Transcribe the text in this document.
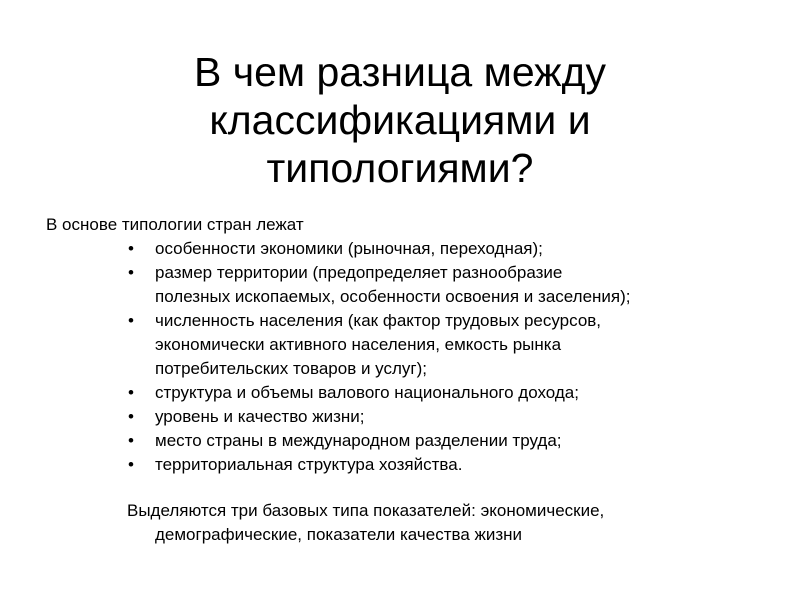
В чем разница между
классификациями и
типологиями?

В основе типологии стран лежат

• особенности экономики (рыночная, переходная);
• размер территории (предопределяет разнообразие
полезных ископаемых, особенности освоения и заселения);
• численность населения (как фактор трудовых ресурсов,
экономически активного населения, емкость рынка
потребительских товаров и услуг);
• структура и объемы валового национального дохода;
• уровень и качество жизни;
• место страны в международном разделении труда;
• территориальная структура хозяйства.

Выделяются три базовых типа показателей: экономические,
демографические, показатели качества жизни
